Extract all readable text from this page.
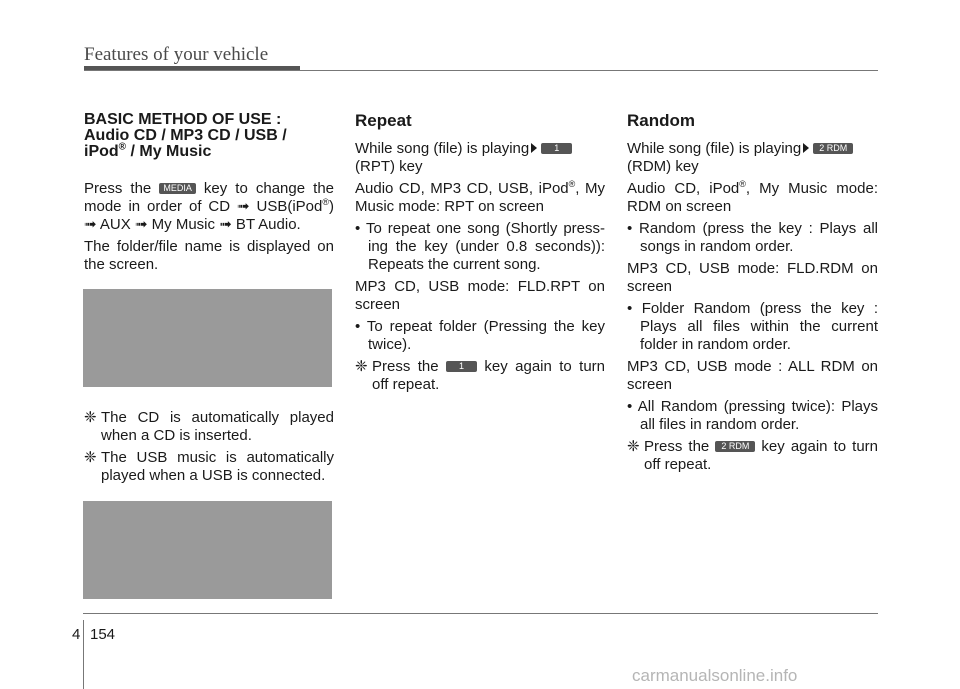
Features of your vehicle
BASIC METHOD OF USE :
Audio CD / MP3 CD / USB /
iPod® / My Music

Press the MEDIA key to change the mode in order of CD ➟ USB(iPod®) ➟ AUX ➟ My Music ➟ BT Audio.

The folder/file name is displayed on the screen.

❈ The CD is automatically played when a CD is inserted.

❈ The USB music is automatically played when a USB is connected.

Repeat

While song (file) is playing	1
(RPT) key

Audio CD, MP3 CD, USB, iPod®, My Music mode: RPT on screen

• To repeat one song (Shortly press-ing the key (under 0.8 seconds)): Repeats the current song.

MP3 CD, USB mode: FLD.RPT on screen

• To repeat folder (Pressing the key twice).

❈ Press the 1 key again to turn off repeat.

Random

While song (file) is playing 2 RDM
(RDM) key

Audio CD, iPod®, My Music mode: RDM on screen

• Random (press the key : Plays all songs in random order.

MP3 CD, USB mode: FLD.RDM on screen

• Folder Random (press the key : Plays all files within the current folder in random order.

MP3 CD, USB mode : ALL RDM on screen

• All Random (pressing twice): Plays all files in random order.

❈ Press the 2 RDM key again to turn off repeat.

4 154
carmanualsonline.info
